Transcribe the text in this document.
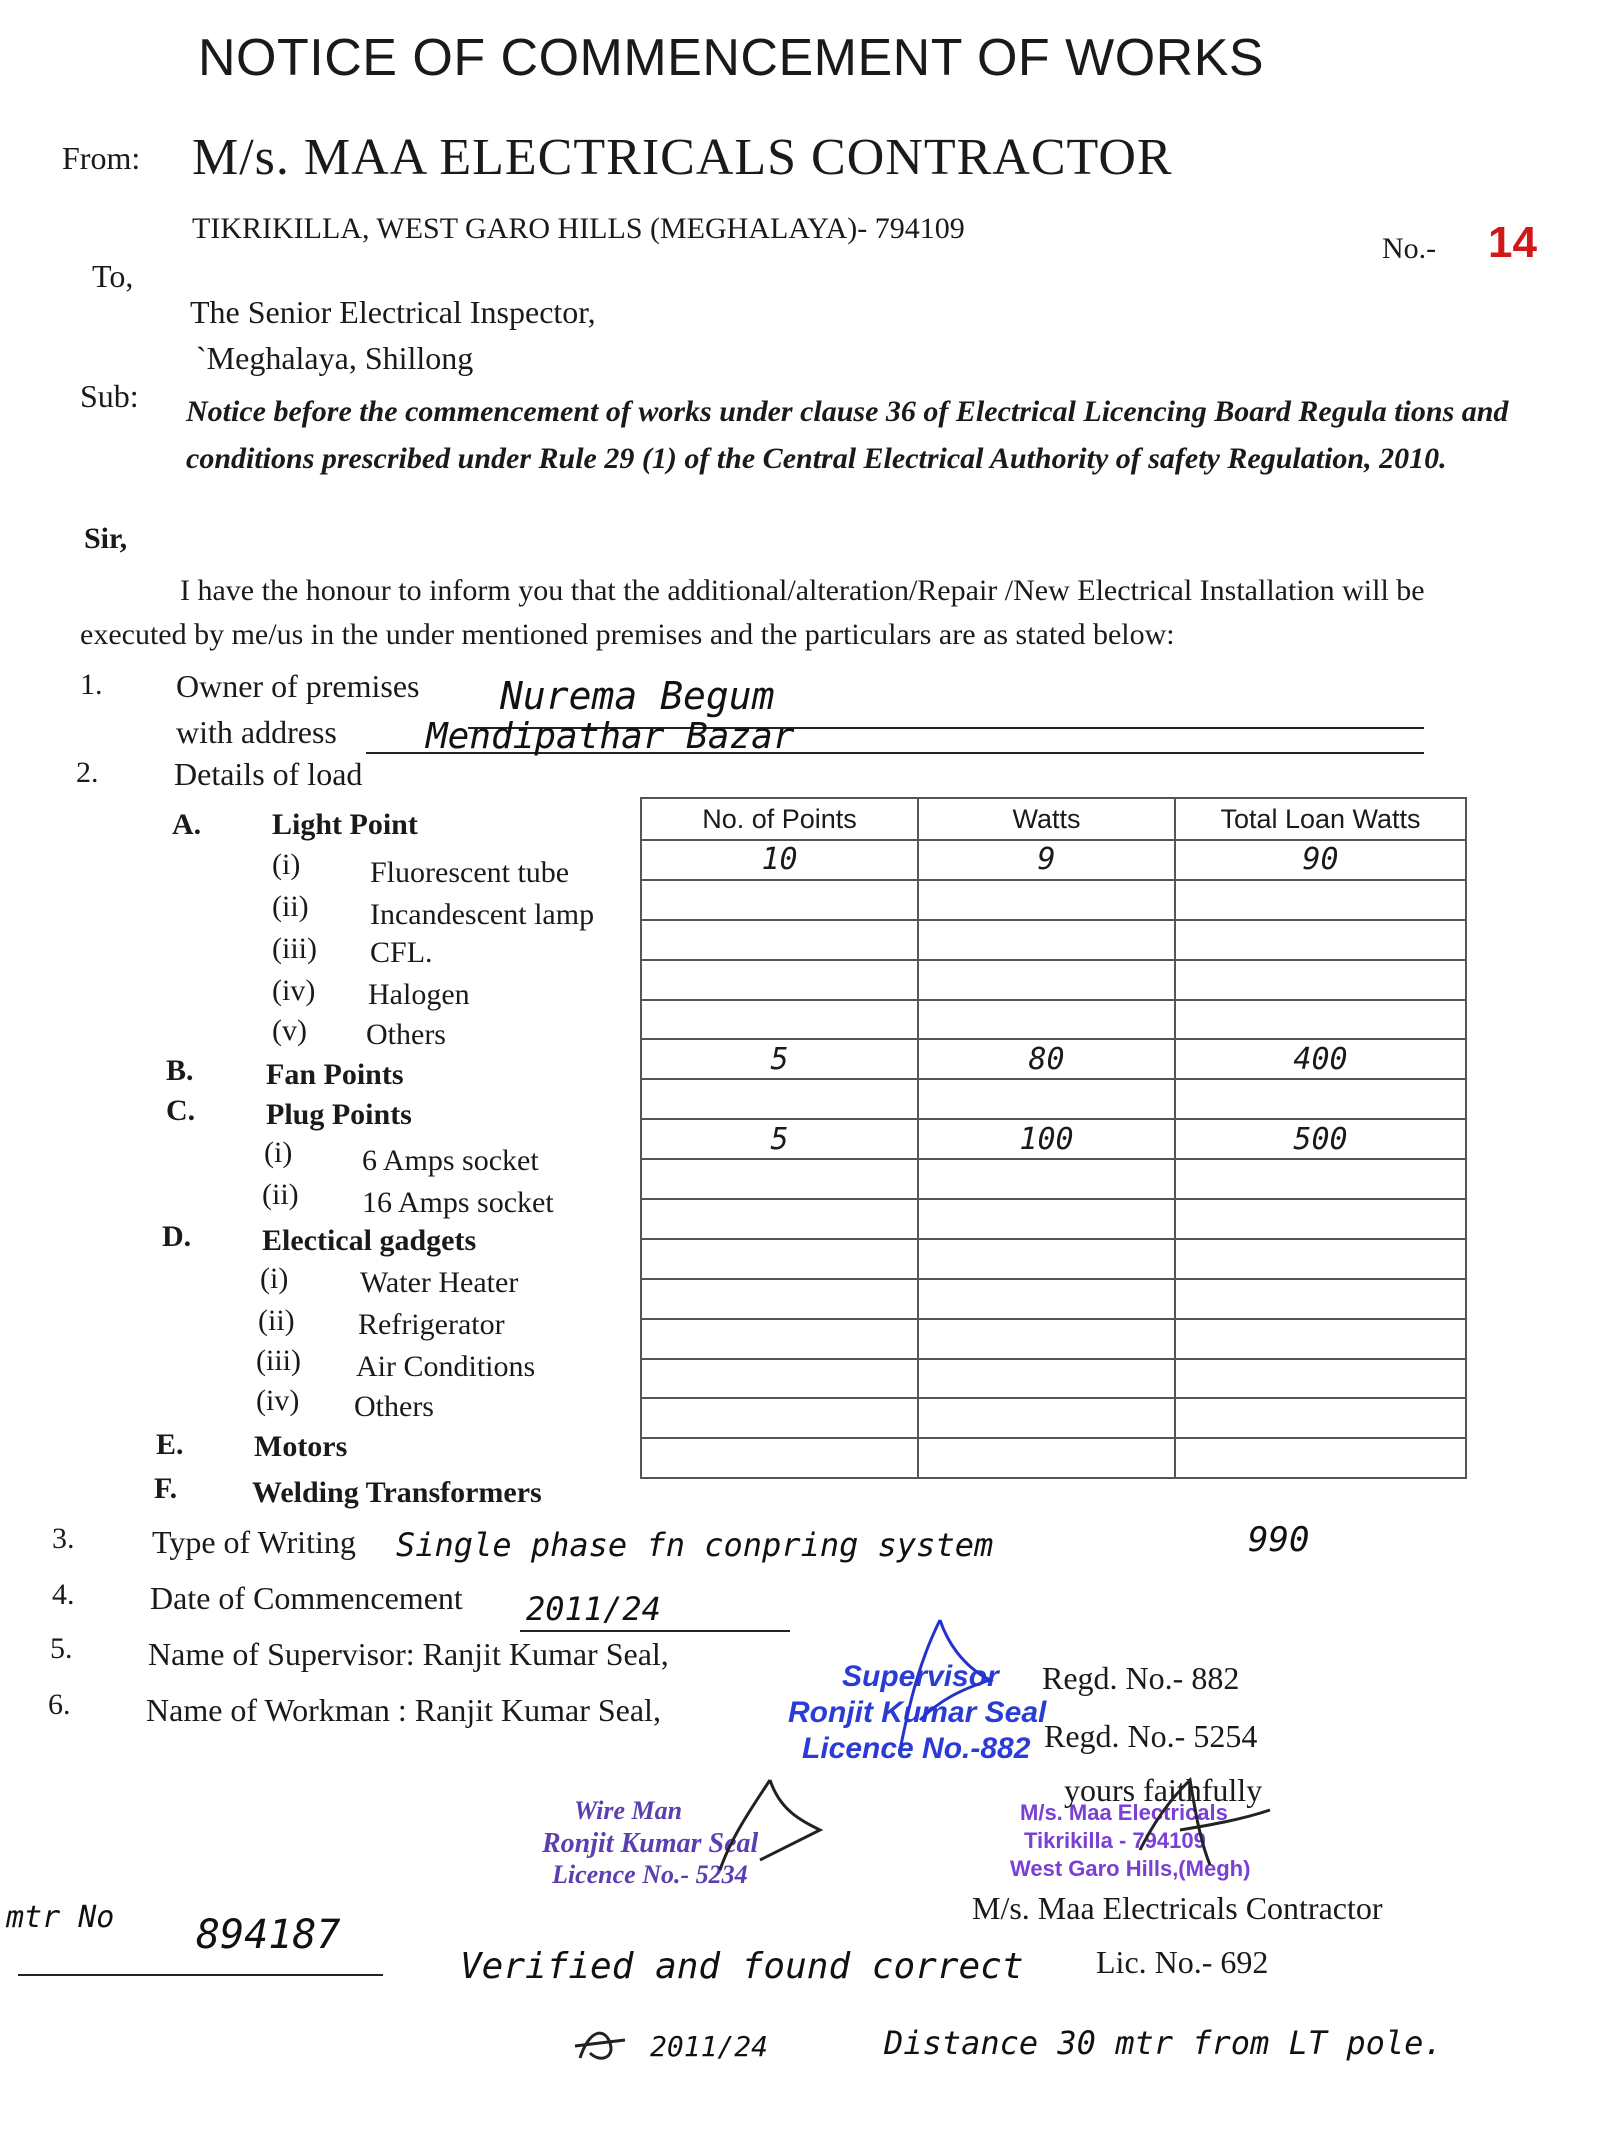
NOTICE OF COMMENCEMENT OF WORKS
From: M/s. MAA ELECTRICALS CONTRACTOR
TIKRIKILLA, WEST GARO HILLS (MEGHALAYA)- 794109
No.- 14
To,
The Senior Electrical Inspector,
`Meghalaya, Shillong
Sub: Notice before the commencement of works under clause 36 of Electrical Licencing Board Regula tions and conditions prescribed under Rule 29 (1) of the Central Electrical Authority of safety Regulation, 2010.
Sir,
I have the honour to inform you that the additional/alteration/Repair /New Electrical Installation will be
executed by me/us in the under mentioned premises and the particulars are as stated below:
1. Owner of premises Nurema Begum
with address Mendipathar Bazar
2. Details of load
A. Light Point
(i) Fluorescent tube
(ii) Incandescent lamp
(iii) CFL.
(iv) Halogen
(v) Others
B. Fan Points
C. Plug Points
(i) 6 Amps socket
(ii) 16 Amps socket
D. Electical gadgets
(i) Water Heater
(ii) Refrigerator
(iii) Air Conditions
(iv) Others
E. Motors
F. Welding Transformers
No. of Points	Watts	Total Loan Watts
10	9	90

5	80	400

5	100	500

990
3. Type of Writing Single phase fn conpring system
4. Date of Commencement 2011/24
5. Name of Supervisor: Ranjit Kumar Seal,
Regd. No.- 882
6. Name of Workman : Ranjit Kumar Seal,
Regd. No.- 5254
Supervisor
Ronjit Kumar Seal
Licence No.-882
Wire Man
Ronjit Kumar Seal
Licence No.- 5234
M/s. Maa Electricals
Tikrikilla - 794109
West Garo Hills,(Megh)
yours faithfully
M/s. Maa Electricals Contractor
Lic. No.- 692
mtr No 894187
Verified and found correct
2011/24	Distance 30 mtr from LT pole.
